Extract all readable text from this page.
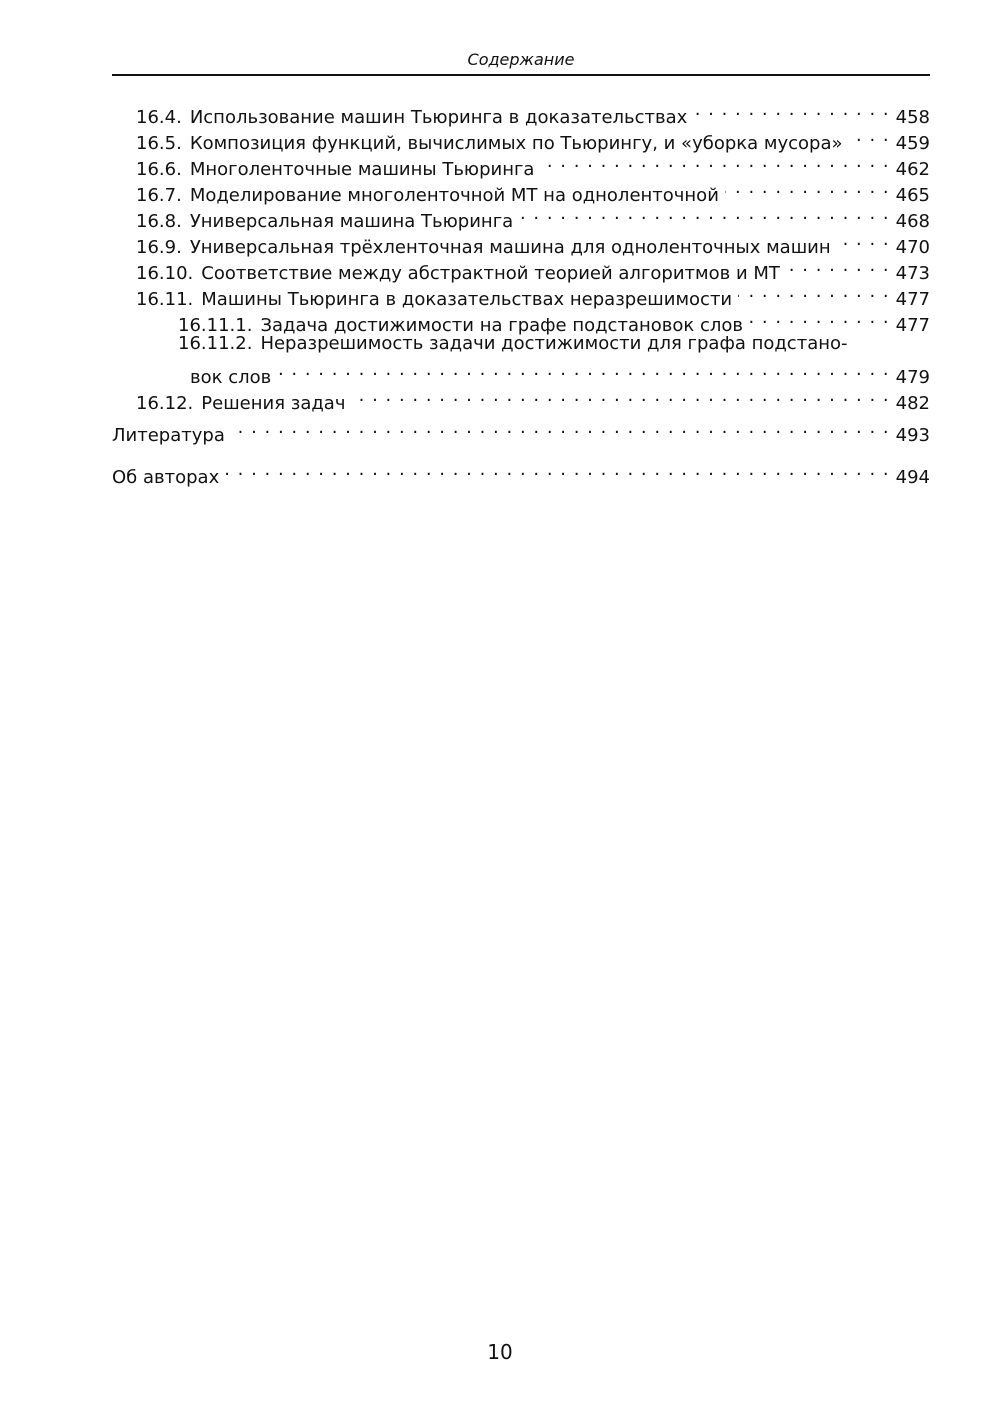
Содержание
16.4. Использование машин Тьюринга в доказательствах . . .	458
16.5. Композиция функций, вычислимых по Тьюрингу, и «уборка мусора» . . .	459
16.6. Многоленточные машины Тьюринга . . .	462
16.7. Моделирование многоленточной МТ на одноленточной . . .	465
16.8. Универсальная машина Тьюринга . . .	468
16.9. Универсальная трёхленточная машина для одноленточных машин . . .	470
16.10. Соответствие между абстрактной теорией алгоритмов и МТ . . .	473
16.11. Машины Тьюринга в доказательствах неразрешимости . . .	477
16.11.1. Задача достижимости на графе подстановок слов . . .	477
16.11.2. Неразрешимость задачи достижимости для графа подстано-
вок слов . . .	479
16.12. Решения задач . . .	482
Литература . . .	493
Об авторах . . .	494
10
